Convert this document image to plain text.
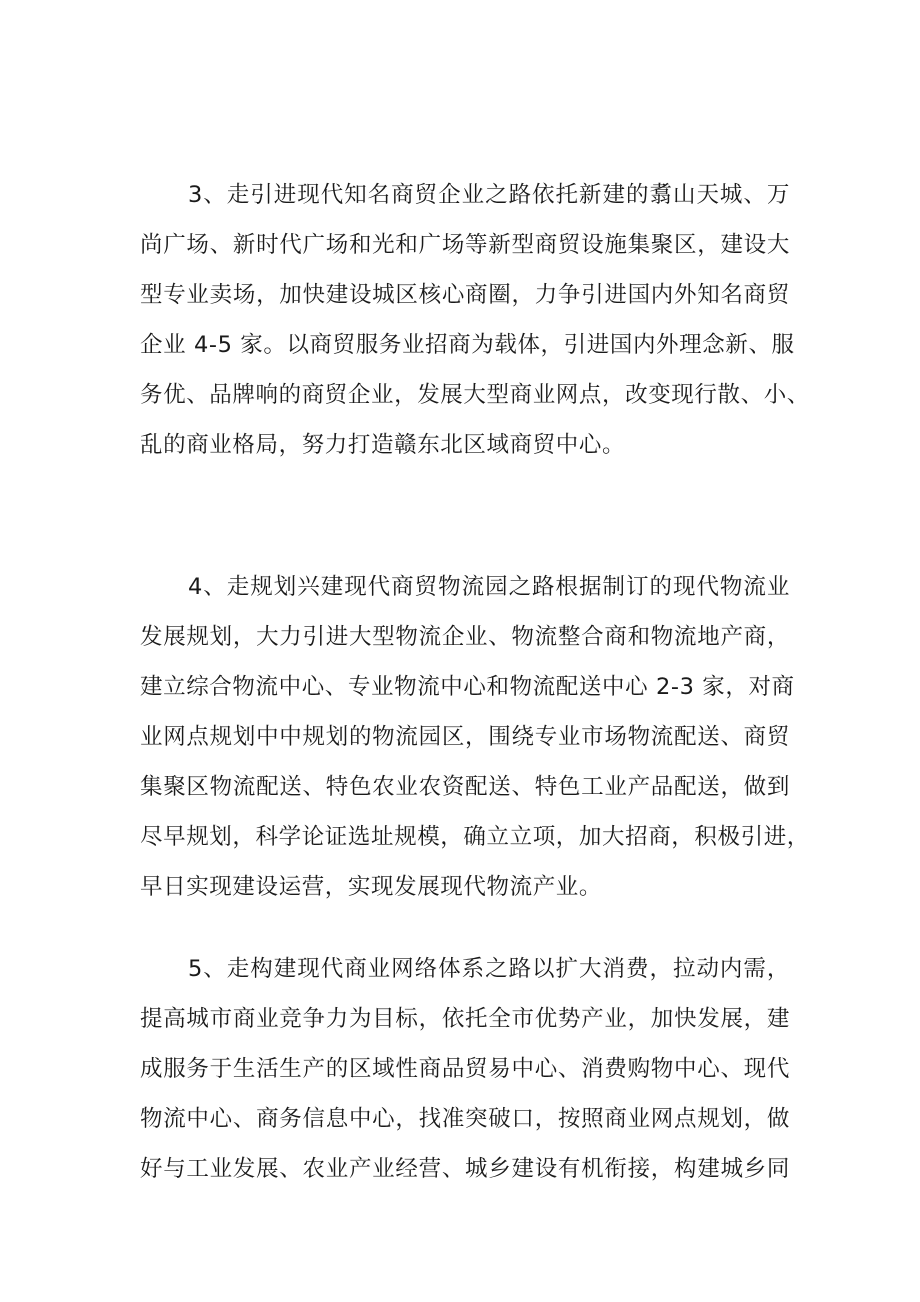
3、走引进现代知名商贸企业之路依托新建的翥山天城、万
尚广场、新时代广场和光和广场等新型商贸设施集聚区，建设大
型专业卖场，加快建设城区核心商圈，力争引进国内外知名商贸
企业 4-5 家。以商贸服务业招商为载体，引进国内外理念新、服
务优、品牌响的商贸企业，发展大型商业网点，改变现行散、小、
乱的商业格局，努力打造赣东北区域商贸中心。
4、走规划兴建现代商贸物流园之路根据制订的现代物流业
发展规划，大力引进大型物流企业、物流整合商和物流地产商，
建立综合物流中心、专业物流中心和物流配送中心 2-3 家，对商
业网点规划中中规划的物流园区，围绕专业市场物流配送、商贸
集聚区物流配送、特色农业农资配送、特色工业产品配送，做到
尽早规划，科学论证选址规模，确立立项，加大招商，积极引进，
早日实现建设运营，实现发展现代物流产业。
5、走构建现代商业网络体系之路以扩大消费，拉动内需，
提高城市商业竞争力为目标，依托全市优势产业，加快发展，建
成服务于生活生产的区域性商品贸易中心、消费购物中心、现代
物流中心、商务信息中心，找准突破口，按照商业网点规划，做
好与工业发展、农业产业经营、城乡建设有机衔接，构建城乡同
